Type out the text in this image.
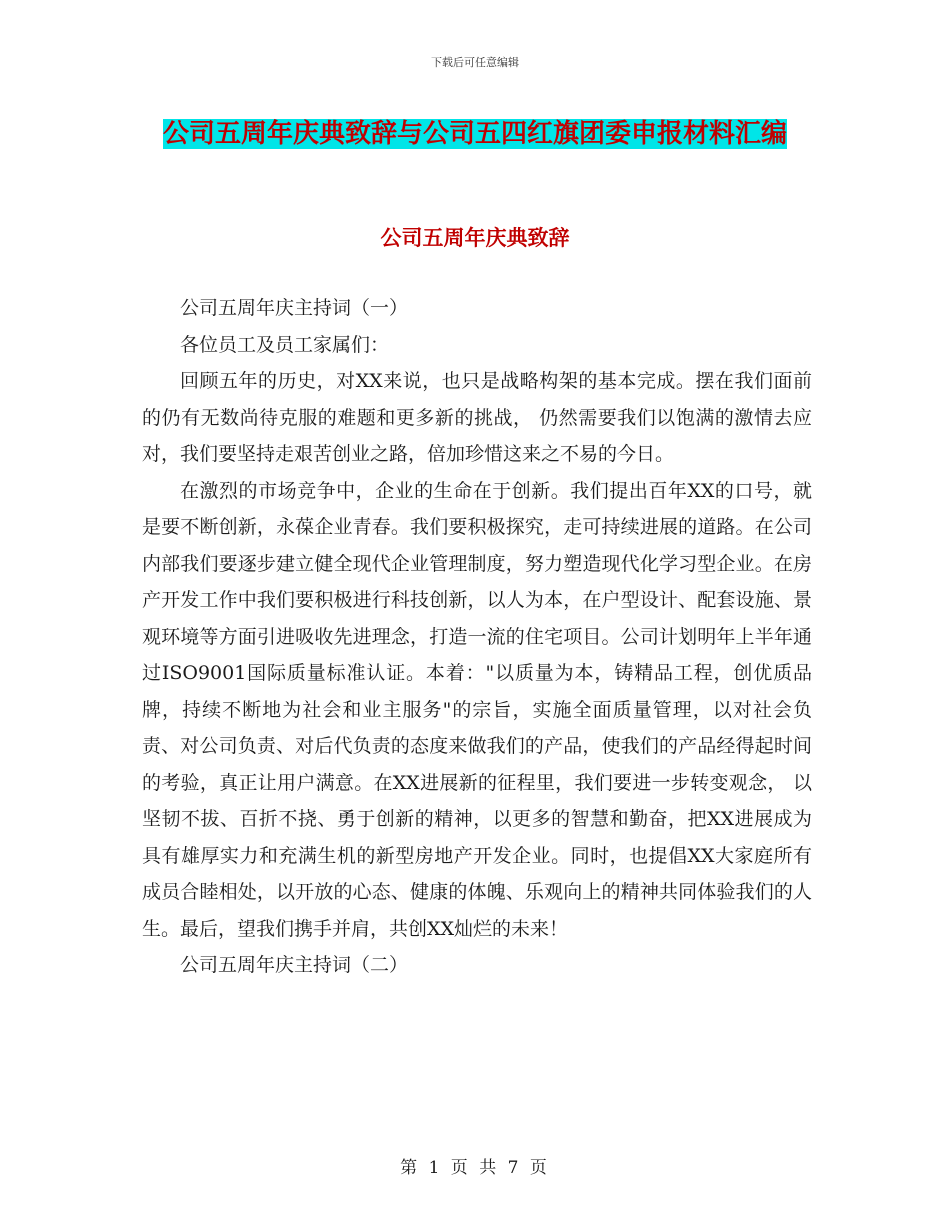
下载后可任意编辑
公司五周年庆典致辞与公司五四红旗团委申报材料汇编
公司五周年庆典致辞

公司五周年庆主持词（一）

各位员工及员工家属们：

回顾五年的历史，对XX来说，也只是战略构架的基本完成。摆在我们面前的仍有无数尚待克服的难题和更多新的挑战， 仍然需要我们以饱满的激情去应对，我们要坚持走艰苦创业之路，倍加珍惜这来之不易的今日。

在激烈的市场竞争中，企业的生命在于创新。我们提出百年XX的口号，就是要不断创新，永葆企业青春。我们要积极探究，走可持续进展的道路。在公司内部我们要逐步建立健全现代企业管理制度，努力塑造现代化学习型企业。在房产开发工作中我们要积极进行科技创新，以人为本，在户型设计、配套设施、景观环境等方面引进吸收先进理念，打造一流的住宅项目。公司计划明年上半年通过ISO9001国际质量标准认证。本着："以质量为本，铸精品工程，创优质品牌，持续不断地为社会和业主服务"的宗旨，实施全面质量管理，以对社会负责、对公司负责、对后代负责的态度来做我们的产品，使我们的产品经得起时间的考验，真正让用户满意。在XX进展新的征程里，我们要进一步转变观念， 以坚韧不拔、百折不挠、勇于创新的精神，以更多的智慧和勤奋，把XX进展成为具有雄厚实力和充满生机的新型房地产开发企业。同时，也提倡XX大家庭所有成员合睦相处，以开放的心态、健康的体魄、乐观向上的精神共同体验我们的人生。最后，望我们携手并肩，共创XX灿烂的未来！

公司五周年庆主持词（二）

第 1 页 共 7 页
